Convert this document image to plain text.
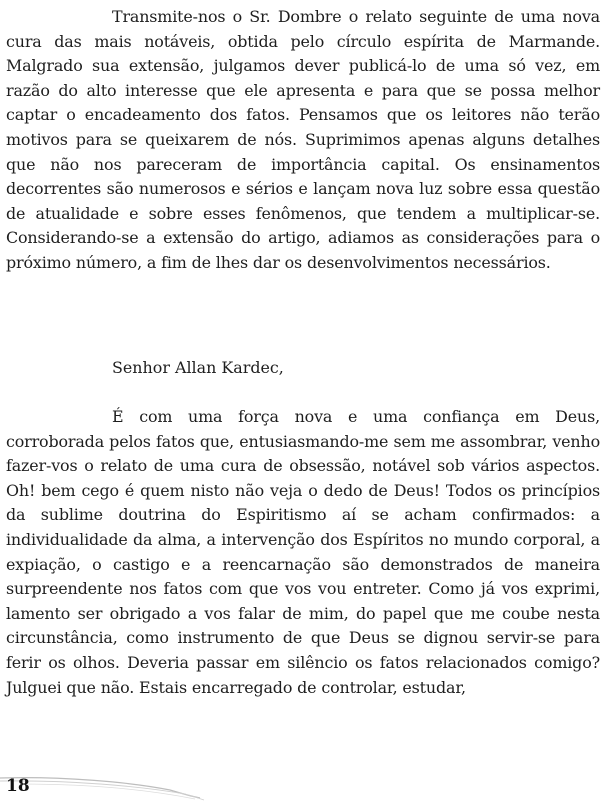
Transmite-nos o Sr. Dombre o relato seguinte de uma nova cura das mais notáveis, obtida pelo círculo espírita de Marmande. Malgrado sua extensão, julgamos dever publicá-lo de uma só vez, em razão do alto interesse que ele apresenta e para que se possa melhor captar o encadeamento dos fatos. Pensamos que os leitores não terão motivos para se queixarem de nós. Suprimimos apenas alguns detalhes que não nos pareceram de importância capital. Os ensinamentos decorrentes são numerosos e sérios e lançam nova luz sobre essa questão de atualidade e sobre esses fenômenos, que tendem a multiplicar-se. Considerando-se a extensão do artigo, adiamos as considerações para o próximo número, a fim de lhes dar os desenvolvimentos necessários.

Senhor Allan Kardec,

É com uma força nova e uma confiança em Deus, corroborada pelos fatos que, entusiasmando-me sem me assombrar, venho fazer-vos o relato de uma cura de obsessão, notável sob vários aspectos. Oh! bem cego é quem nisto não veja o dedo de Deus! Todos os princípios da sublime doutrina do Espiritismo aí se acham confirmados: a individualidade da alma, a intervenção dos Espíritos no mundo corporal, a expiação, o castigo e a reencarnação são demonstrados de maneira surpreendente nos fatos com que vos vou entreter. Como já vos exprimi, lamento ser obrigado a vos falar de mim, do papel que me coube nesta circunstância, como instrumento de que Deus se dignou servir-se para ferir os olhos. Deveria passar em silêncio os fatos relacionados comigo? Julguei que não. Estais encarregado de controlar, estudar,

18
